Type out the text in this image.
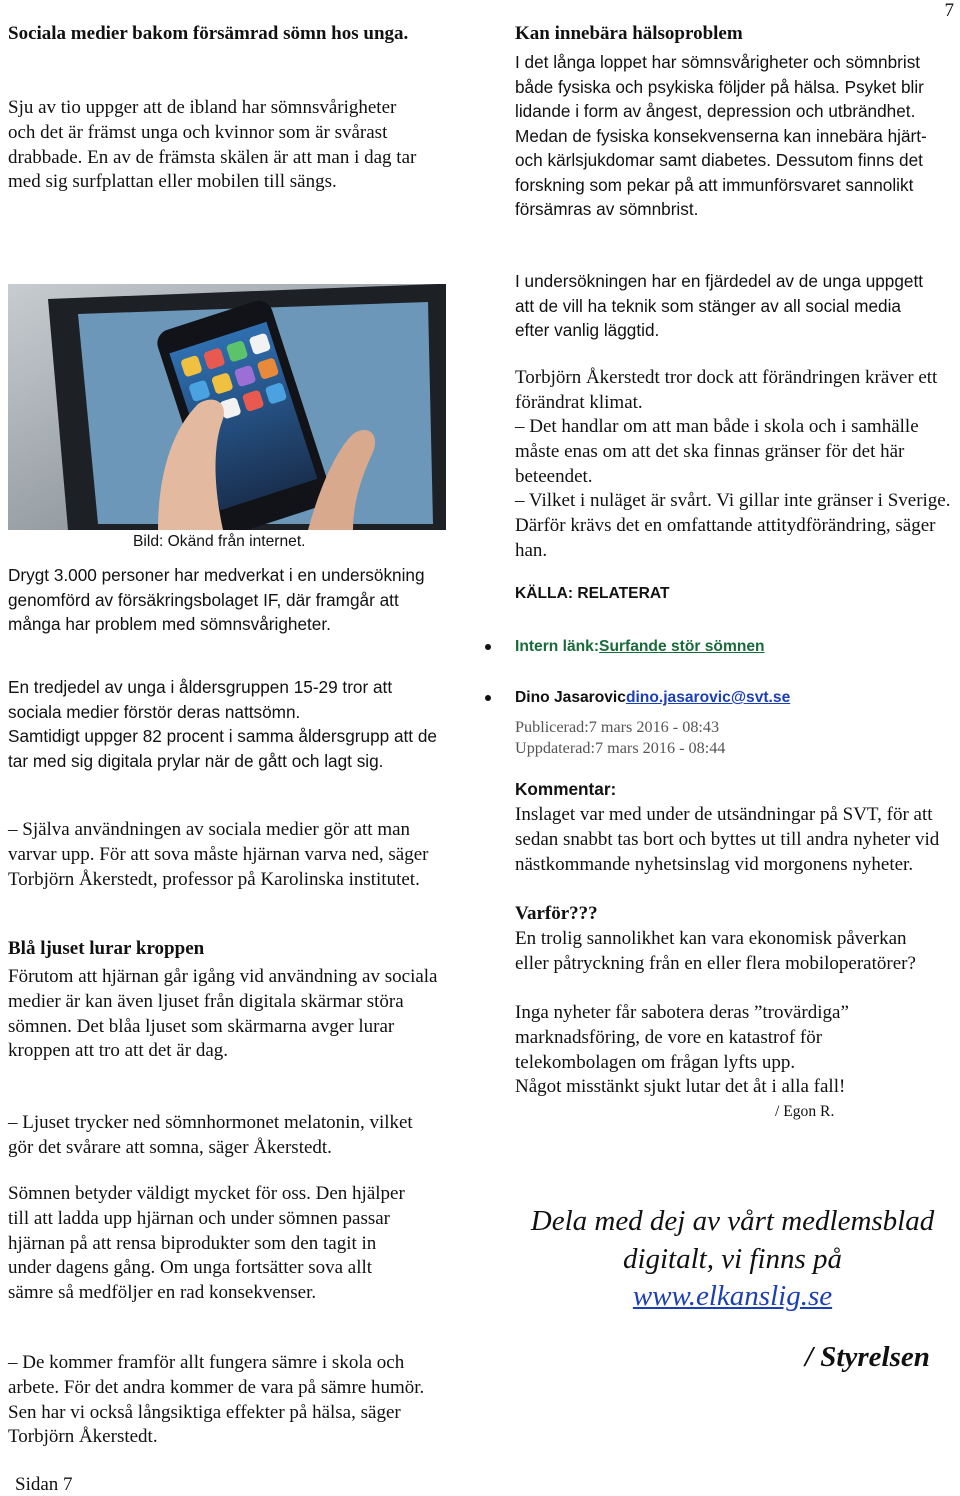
7

Sociala medier bakom försämrad sömn hos unga.

Sju av tio uppger att de ibland har sömnsvårigheter och det är främst unga och kvinnor som är svårast drabbade. En av de främsta skälen är att man i dag tar med sig surfplattan eller mobilen till sängs.

Bild: Okänd från internet.

Drygt 3.000 personer har medverkat i en undersökning genomförd av försäkringsbolaget IF, där framgår att många har problem med sömnsvårigheter.

En tredjedel av unga i åldersgruppen 15-29 tror att sociala medier förstör deras nattsömn.

Samtidigt uppger 82 procent i samma åldersgrupp att de tar med sig digitala prylar när de gått och lagt sig.

– Själva användningen av sociala medier gör att man varvar upp. För att sova måste hjärnan varva ned, säger Torbjörn Åkerstedt, professor på Karolinska institutet.

Blå ljuset lurar kroppen

Förutom att hjärnan går igång vid användning av sociala medier är kan även ljuset från digitala skärmar störa sömnen. Det blåa ljuset som skärmarna avger lurar kroppen att tro att det är dag.

– Ljuset trycker ned sömnhormonet melatonin, vilket gör det svårare att somna, säger Åkerstedt.

Sömnen betyder väldigt mycket för oss. Den hjälper till att ladda upp hjärnan och under sömnen passar hjärnan på att rensa biprodukter som den tagit in under dagens gång. Om unga fortsätter sova allt sämre så medföljer en rad konsekvenser.

– De kommer framför allt fungera sämre i skola och arbete. För det andra kommer de vara på sämre humör. Sen har vi också långsiktiga effekter på hälsa, säger Torbjörn Åkerstedt.

Kan innebära hälsoproblem

I det långa loppet har sömnsvårigheter och sömnbrist både fysiska och psykiska följder på hälsa. Psyket blir lidande i form av ångest, depression och utbrändhet. Medan de fysiska konsekvenserna kan innebära hjärt- och kärlsjukdomar samt diabetes. Dessutom finns det forskning som pekar på att immunförsvaret sannolikt försämras av sömnbrist.

I undersökningen har en fjärdedel av de unga uppgett att de vill ha teknik som stänger av all social media efter vanlig läggtid.

Torbjörn Åkerstedt tror dock att förändringen kräver ett förändrat klimat.

– Det handlar om att man både i skola och i samhälle måste enas om att det ska finnas gränser för det här beteendet.

– Vilket i nuläget är svårt. Vi gillar inte gränser i Sverige. Därför krävs det en omfattande attitydförändring, säger han.

KÄLLA: RELATERAT

Intern länk:Surfande stör sömnen

Dino Jasarovicdino.jasarovic@svt.se

Publicerad:7 mars 2016 - 08:43

Uppdaterad:7 mars 2016 - 08:44

Kommentar:

Inslaget var med under de utsändningar på SVT, för att sedan snabbt tas bort och byttes ut till andra nyheter vid nästkommande nyhetsinslag vid morgonens nyheter.

Varför???

En trolig sannolikhet kan vara ekonomisk påverkan eller påtryckning från en eller flera mobiloperatörer?

Inga nyheter får sabotera deras ”trovärdiga” marknadsföring, de vore en katastrof för telekombolagen om frågan lyfts upp.

Något misstänkt sjukt lutar det åt i alla fall!

/ Egon R.

Dela med dej av vårt medlemsblad
digitalt, vi finns på
www.elkanslig.se
/ Styrelsen
Sidan 7
